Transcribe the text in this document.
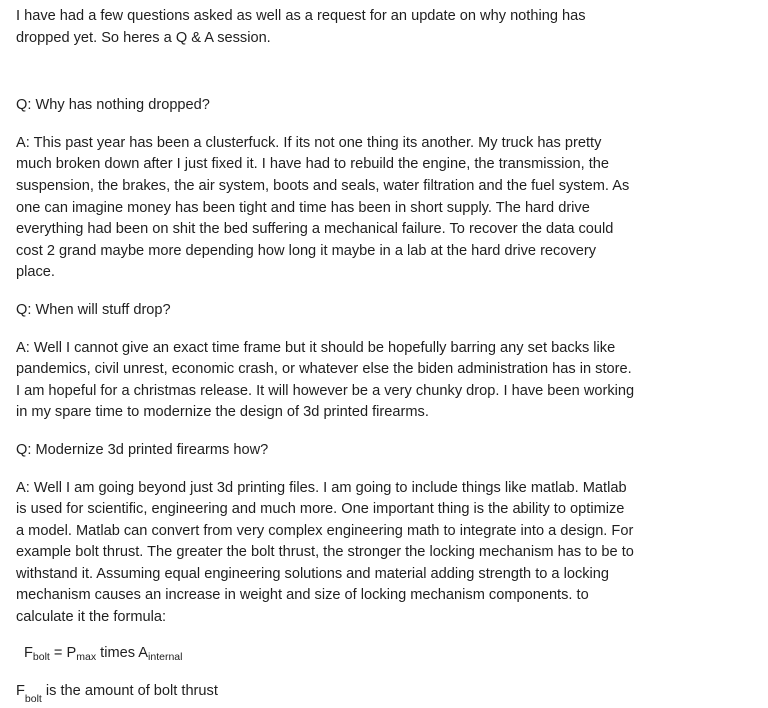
I have had a few questions asked as well as a request for an update on why nothing has dropped yet. So heres a Q & A session.

Q: Why has nothing dropped?

A: This past year has been a clusterfuck. If its not one thing its another. My truck has pretty much broken down after I just fixed it. I have had to rebuild the engine, the transmission, the suspension, the brakes, the air system, boots and seals, water filtration and the fuel system. As one can imagine money has been tight and time has been in short supply. The hard drive everything had been on shit the bed suffering a mechanical failure. To recover the data could cost 2 grand maybe more depending how long it maybe in a lab at the hard drive recovery place.

Q: When will stuff drop?

A: Well I cannot give an exact time frame but it should be hopefully barring any set backs like pandemics, civil unrest, economic crash, or whatever else the biden administration has in store. I am hopeful for a christmas release. It will however be a very chunky drop. I have been working in my spare time to modernize the design of 3d printed firearms.

Q: Modernize 3d printed firearms how?

A: Well I am going beyond just 3d printing files. I am going to include things like matlab. Matlab is used for scientific, engineering and much more. One important thing is the ability to optimize a model. Matlab can convert from very complex engineering math to integrate into a design. For example bolt thrust. The greater the bolt thrust, the stronger the locking mechanism has to be to withstand it. Assuming equal engineering solutions and material adding strength to a locking mechanism causes an increase in weight and size of locking mechanism components. to calculate it the formula:

$F_{bolt} = P_{max}$ times $A_{internal}$

$F_{bolt}$ is the amount of bolt thrust
